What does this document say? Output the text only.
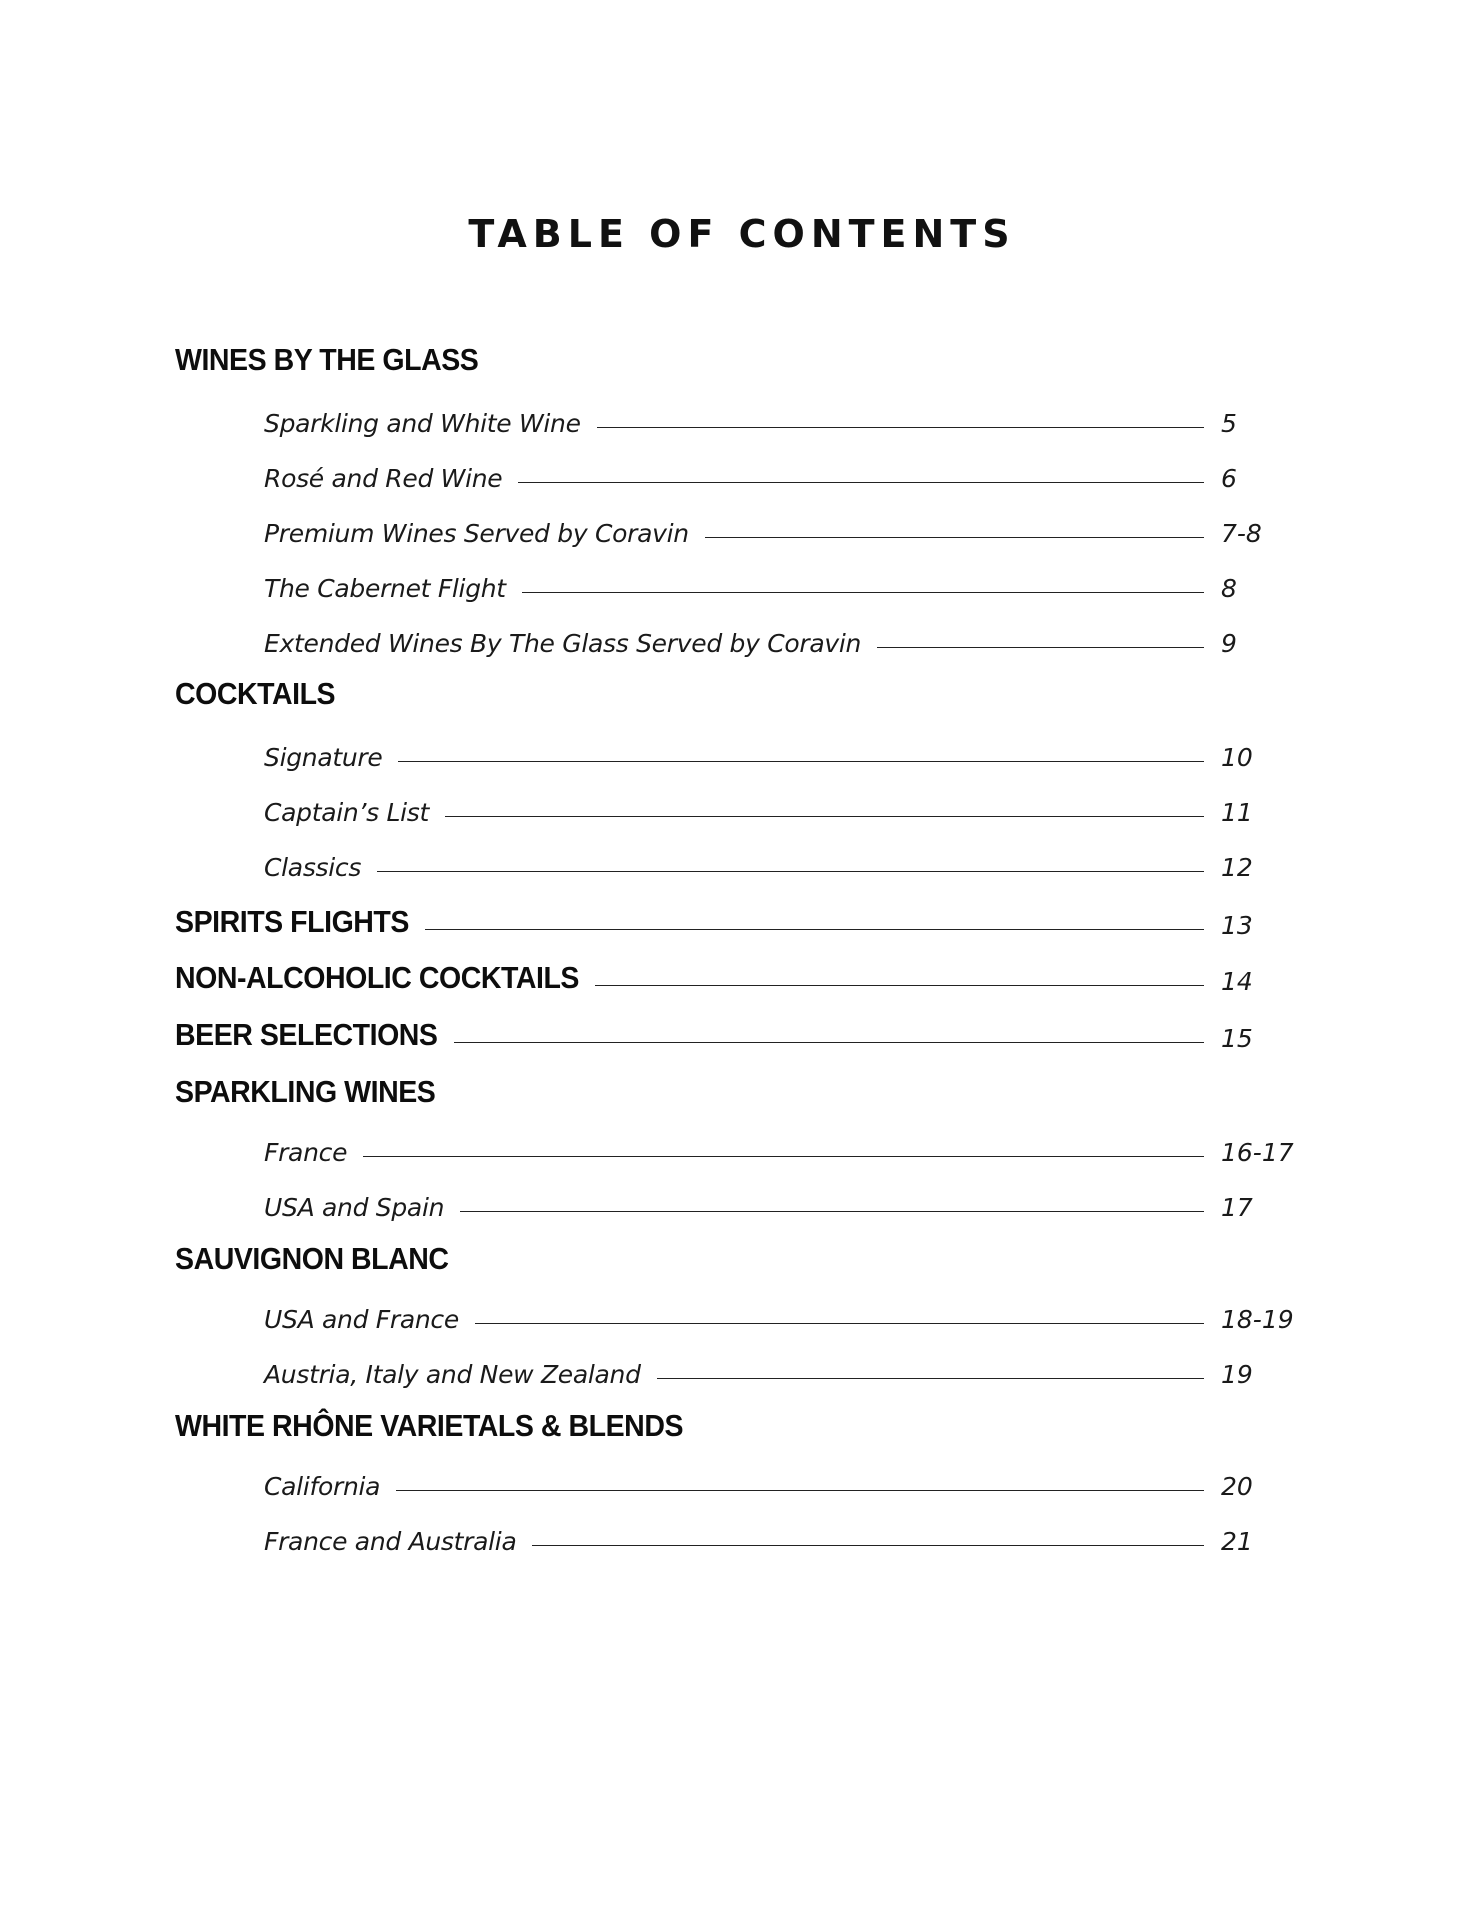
TABLE OF CONTENTS
WINES BY THE GLASS
Sparkling and White Wine	5
Rosé and Red Wine	6
Premium Wines Served by Coravin	7-8
The Cabernet Flight	8
Extended Wines By The Glass Served by Coravin	9
COCKTAILS
Signature	10
Captain’s List	11
Classics	12
SPIRITS FLIGHTS	13
NON-ALCOHOLIC COCKTAILS	14
BEER SELECTIONS	15
SPARKLING WINES
France	16-17
USA and Spain	17
SAUVIGNON BLANC
USA and France	18-19
Austria, Italy and New Zealand	19
WHITE RHÔNE VARIETALS & BLENDS
California	20
France and Australia	21
